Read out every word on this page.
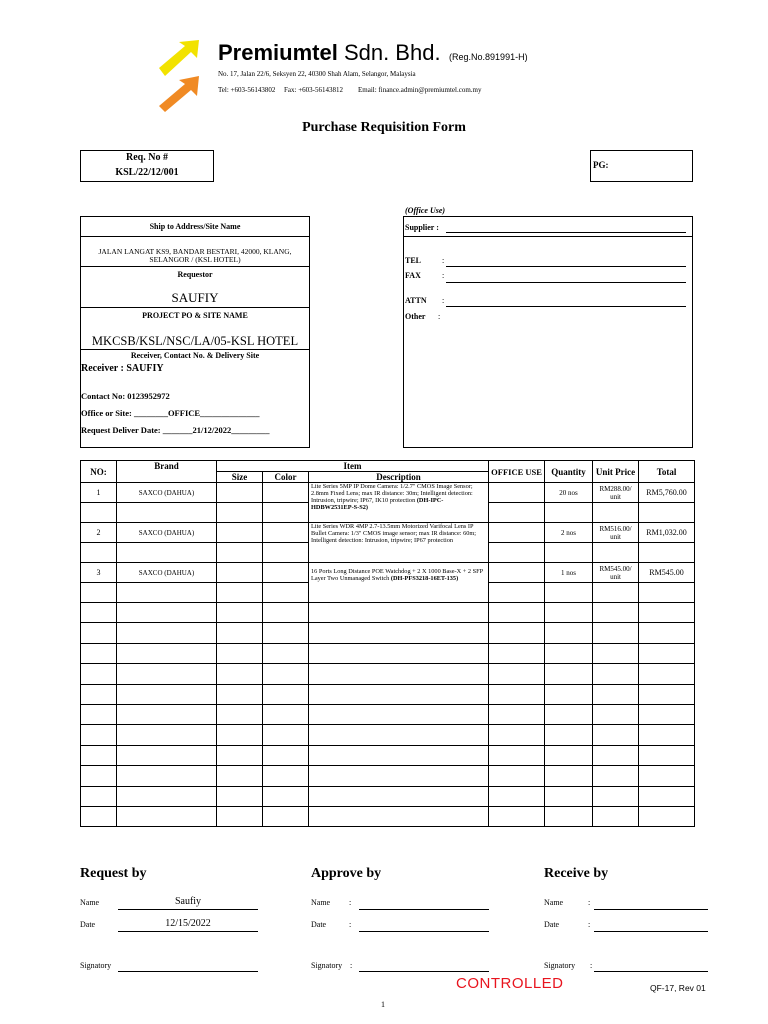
Premiumtel Sdn. Bhd. (Reg.No.891991-H)
No. 17, Jalan 22/6, Seksyen 22, 40300 Shah Alam, Selangor, Malaysia
Tel: +603-56143802 Fax: +603-56143812 Email: finance.admin@premiumtel.com.my
Purchase Requisition Form
Req. No #
KSL/22/12/001
PG:
Ship to Address/Site Name
JALAN LANGAT KS9, BANDAR BESTARI, 42000, KLANG, SELANGOR / (KSL HOTEL)
Requestor
SAUFIY
PROJECT PO & SITE NAME
MKCSB/KSL/NSC/LA/05-KSL HOTEL
Receiver, Contact No. & Delivery Site
Receiver : SAUFIY
Contact No: 0123952972
Office or Site: ________OFFICE______________
Request Deliver Date: _______21/12/2022_________
(Office Use)
Supplier :
TEL	:
FAX	:
ATTN :
Other :
NO:	Brand	Item			OFFICE USE	Quantity	Unit Price	Total
		Size	Color	Description				
1	SAXCO (DAHUA)			Lite Series 5MP IP Dome Camera: 1/2.7" CMOS Image Sensor; 2.8mm Fixed Lens; max IR distance: 30m; Intelligent detection: Intrusion, tripwire; IP67, IK10 protection (DH-IPC-HDBW2531EP-S-S2)		20 nos	RM288.00/ unit	RM5,760.00

2	SAXCO (DAHUA)			Lite Series WDR 4MP 2.7-13.5mm Motorized Varifocal Lens IP Bullet Camera: 1/3" CMOS image sensor; max IR distance: 60m; Intelligent detection: Intrusion, tripwire; IP67 protection		2 nos	RM516.00/ unit	RM1,032.00

3	SAXCO (DAHUA)			16 Ports Long Distance POE Watchdog + 2 X 1000 Base-X + 2 SFP Layer Two Unmanaged Switch (DH-PFS3218-16ET-135)		1 nos	RM545.00/ unit	RM545.00

Request by	Approve by	Receive by
Name	Saufiy
Date	12/15/2022
Signatory
Name :
Date	:
Signatory :
Name	:
Date	:
Signatory :
CONTROLLED	QF-17, Rev 01
1
